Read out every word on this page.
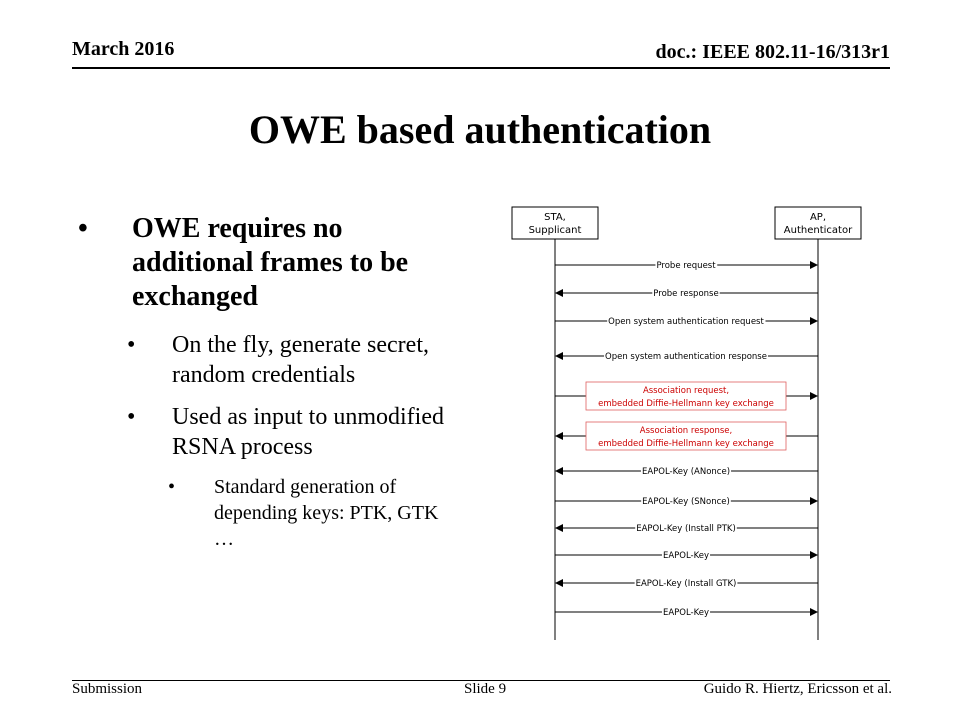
March 2016	doc.: IEEE 802.11-16/313r1
OWE based authentication
• OWE requires no additional frames to be exchanged
• On the fly, generate secret, random credentials
• Used as input to unmodified RSNA process
• Standard generation of depending keys: PTK, GTK …
STA,
Supplicant
AP,
Authenticator
Probe request
Probe response
Open system authentication request
Open system authentication response
Association request,
embedded Diffie-Hellmann key exchange
Association response,
embedded Diffie-Hellmann key exchange
EAPOL-Key (ANonce)
EAPOL-Key (SNonce)
EAPOL-Key (Install PTK)
EAPOL-Key
EAPOL-Key (Install GTK)
EAPOL-Key
Submission	Slide 9	Guido R. Hiertz, Ericsson et al.
